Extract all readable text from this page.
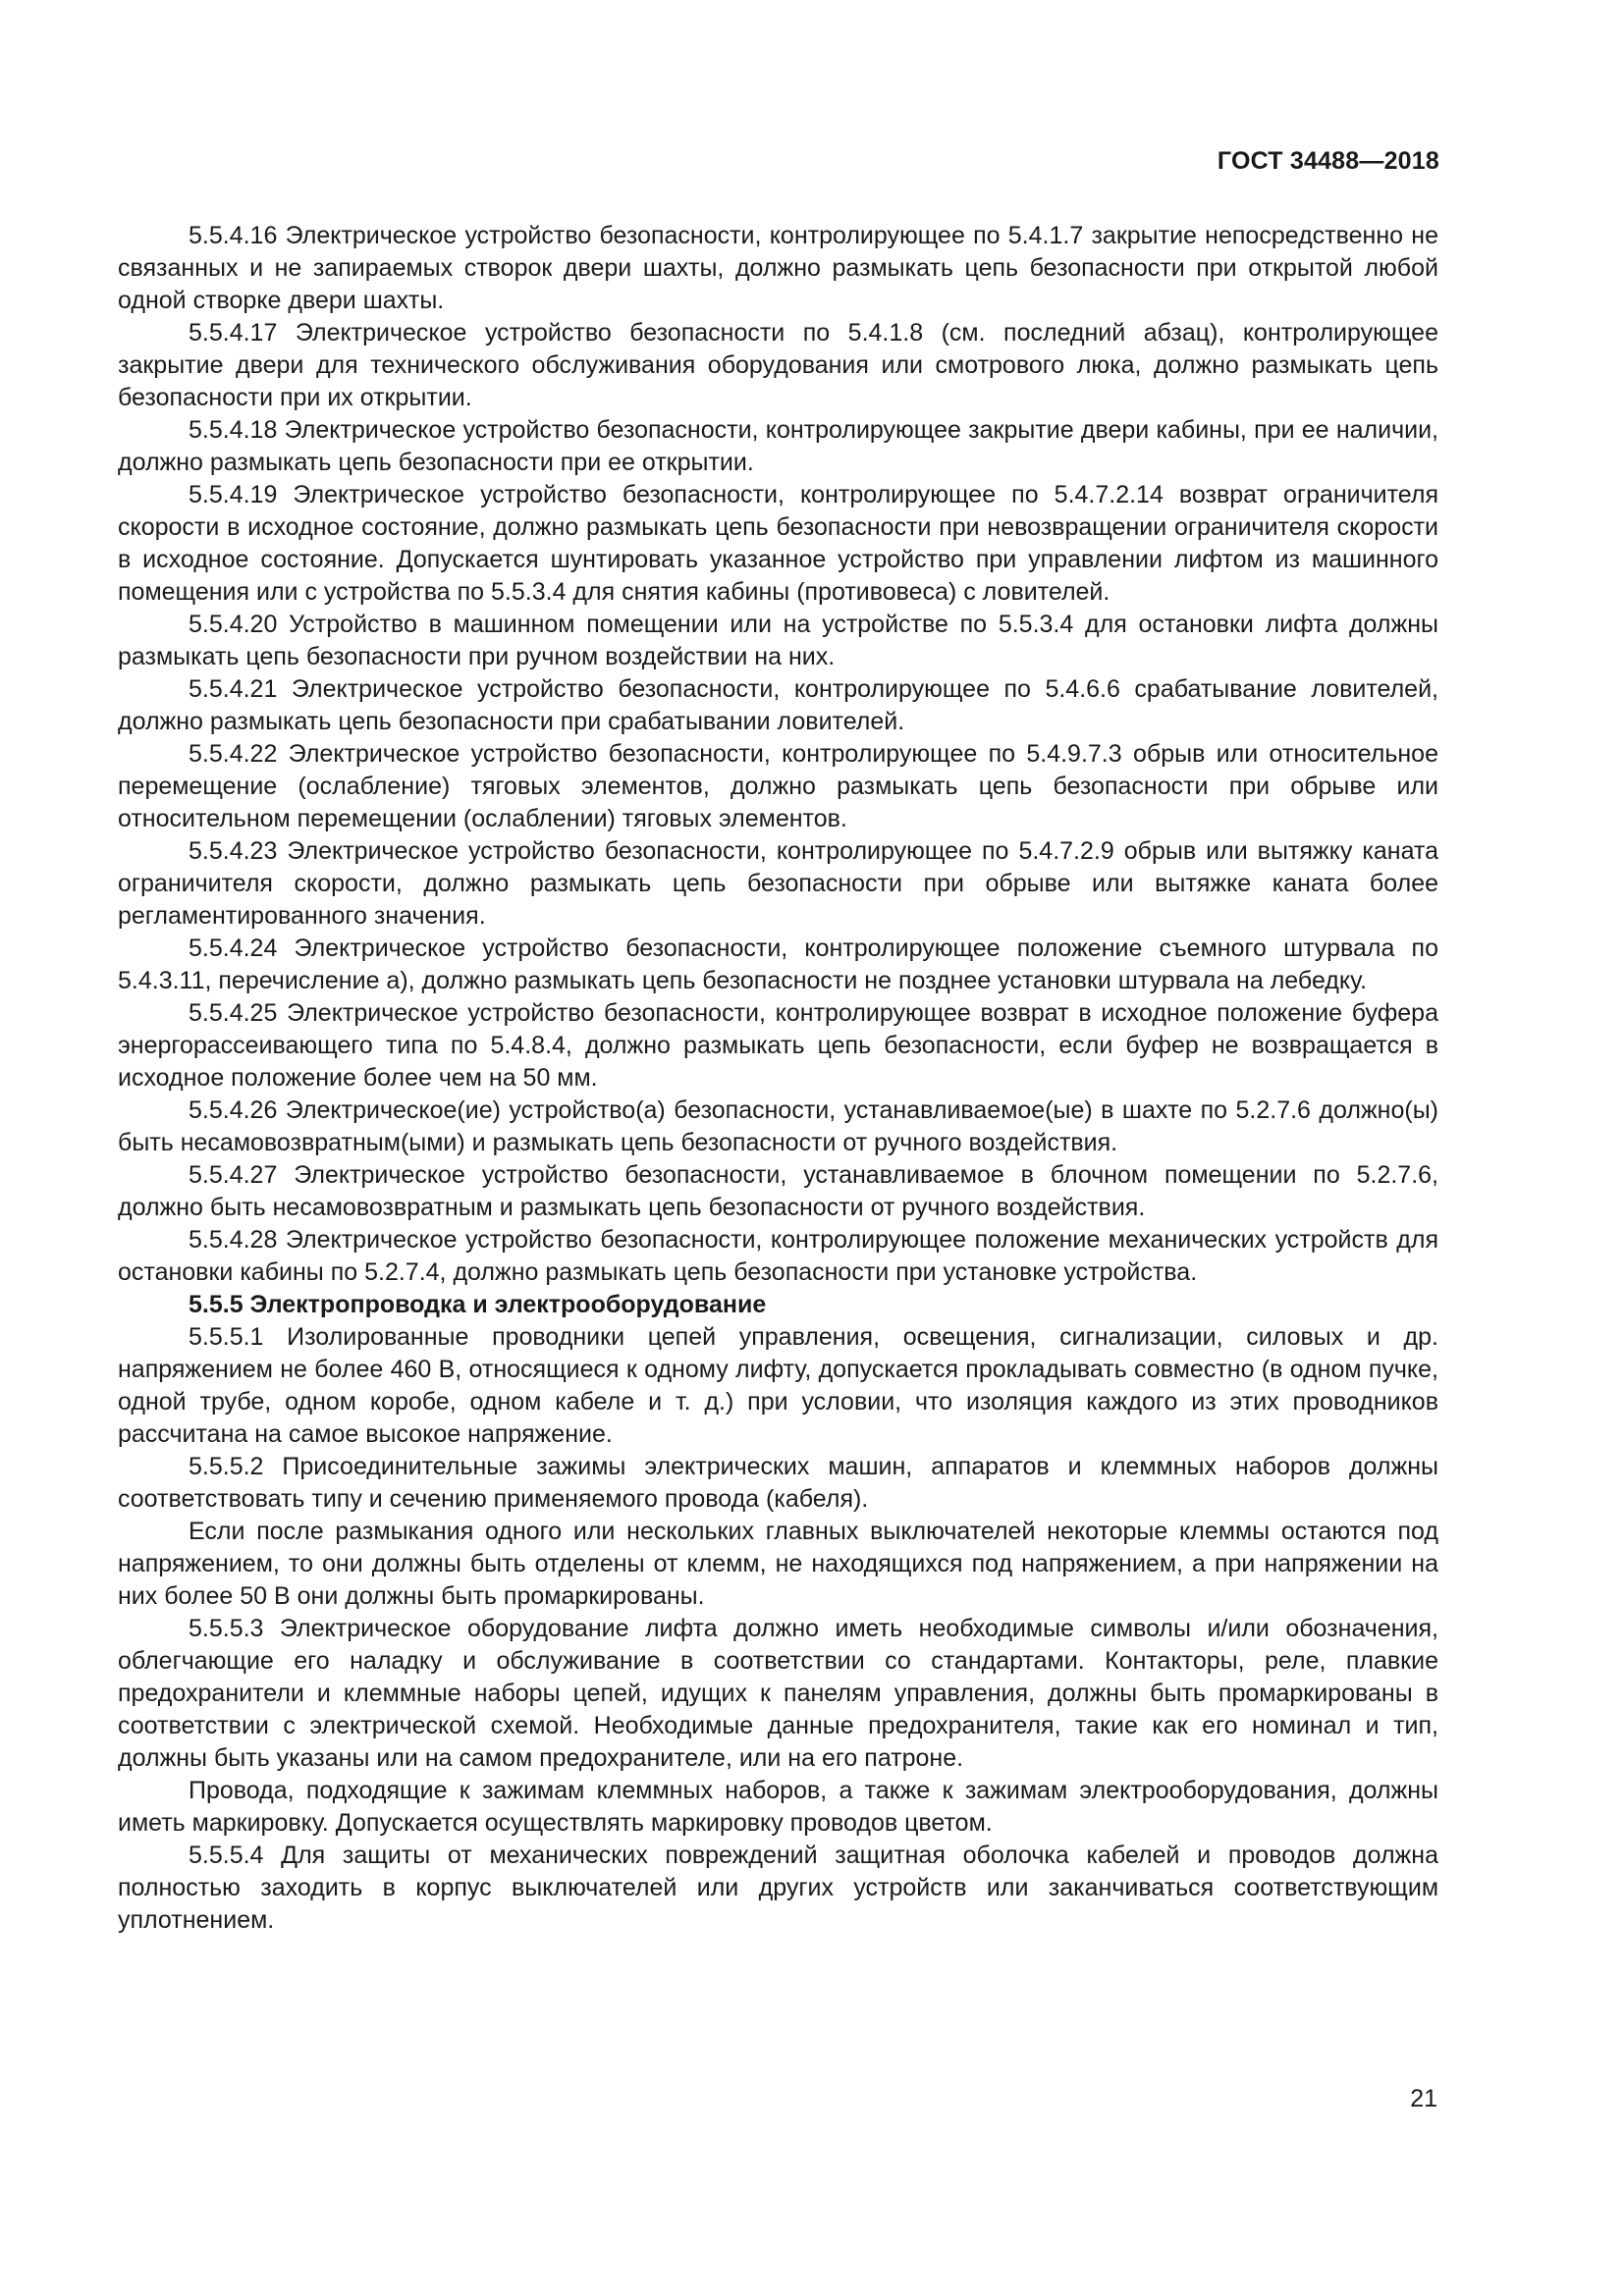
ГОСТ 34488—2018

5.5.4.16 Электрическое устройство безопасности, контролирующее по 5.4.1.7 закрытие непосредственно не связанных и не запираемых створок двери шахты, должно размыкать цепь безопасности при открытой любой одной створке двери шахты.

5.5.4.17 Электрическое устройство безопасности по 5.4.1.8 (см. последний абзац), контролирующее закрытие двери для технического обслуживания оборудования или смотрового люка, должно размыкать цепь безопасности при их открытии.

5.5.4.18 Электрическое устройство безопасности, контролирующее закрытие двери кабины, при ее наличии, должно размыкать цепь безопасности при ее открытии.

5.5.4.19 Электрическое устройство безопасности, контролирующее по 5.4.7.2.14 возврат ограничителя скорости в исходное состояние, должно размыкать цепь безопасности при невозвращении ограничителя скорости в исходное состояние. Допускается шунтировать указанное устройство при управлении лифтом из машинного помещения или с устройства по 5.5.3.4 для снятия кабины (противовеса) с ловителей.

5.5.4.20 Устройство в машинном помещении или на устройстве по 5.5.3.4 для остановки лифта должны размыкать цепь безопасности при ручном воздействии на них.

5.5.4.21 Электрическое устройство безопасности, контролирующее по 5.4.6.6 срабатывание ловителей, должно размыкать цепь безопасности при срабатывании ловителей.

5.5.4.22 Электрическое устройство безопасности, контролирующее по 5.4.9.7.3 обрыв или относительное перемещение (ослабление) тяговых элементов, должно размыкать цепь безопасности при обрыве или относительном перемещении (ослаблении) тяговых элементов.

5.5.4.23 Электрическое устройство безопасности, контролирующее по 5.4.7.2.9 обрыв или вытяжку каната ограничителя скорости, должно размыкать цепь безопасности при обрыве или вытяжке каната более регламентированного значения.

5.5.4.24 Электрическое устройство безопасности, контролирующее положение съемного штурвала по 5.4.3.11, перечисление а), должно размыкать цепь безопасности не позднее установки штурвала на лебедку.

5.5.4.25 Электрическое устройство безопасности, контролирующее возврат в исходное положение буфера энергорассеивающего типа по 5.4.8.4, должно размыкать цепь безопасности, если буфер не возвращается в исходное положение более чем на 50 мм.

5.5.4.26 Электрическое(ие) устройство(а) безопасности, устанавливаемое(ые) в шахте по 5.2.7.6 должно(ы) быть несамовозвратным(ыми) и размыкать цепь безопасности от ручного воздействия.

5.5.4.27 Электрическое устройство безопасности, устанавливаемое в блочном помещении по 5.2.7.6, должно быть несамовозвратным и размыкать цепь безопасности от ручного воздействия.

5.5.4.28 Электрическое устройство безопасности, контролирующее положение механических устройств для остановки кабины по 5.2.7.4, должно размыкать цепь безопасности при установке устройства.

5.5.5 Электропроводка и электрооборудование

5.5.5.1 Изолированные проводники цепей управления, освещения, сигнализации, силовых и др. напряжением не более 460 В, относящиеся к одному лифту, допускается прокладывать совместно (в одном пучке, одной трубе, одном коробе, одном кабеле и т. д.) при условии, что изоляция каждого из этих проводников рассчитана на самое высокое напряжение.

5.5.5.2 Присоединительные зажимы электрических машин, аппаратов и клеммных наборов должны соответствовать типу и сечению применяемого провода (кабеля).

Если после размыкания одного или нескольких главных выключателей некоторые клеммы остаются под напряжением, то они должны быть отделены от клемм, не находящихся под напряжением, а при напряжении на них более 50 В они должны быть промаркированы.

5.5.5.3 Электрическое оборудование лифта должно иметь необходимые символы и/или обозначения, облегчающие его наладку и обслуживание в соответствии со стандартами. Контакторы, реле, плавкие предохранители и клеммные наборы цепей, идущих к панелям управления, должны быть промаркированы в соответствии с электрической схемой. Необходимые данные предохранителя, такие как его номинал и тип, должны быть указаны или на самом предохранителе, или на его патроне.

Провода, подходящие к зажимам клеммных наборов, а также к зажимам электрооборудования, должны иметь маркировку. Допускается осуществлять маркировку проводов цветом.

5.5.5.4 Для защиты от механических повреждений защитная оболочка кабелей и проводов должна полностью заходить в корпус выключателей или других устройств или заканчиваться соответствующим уплотнением.

21
